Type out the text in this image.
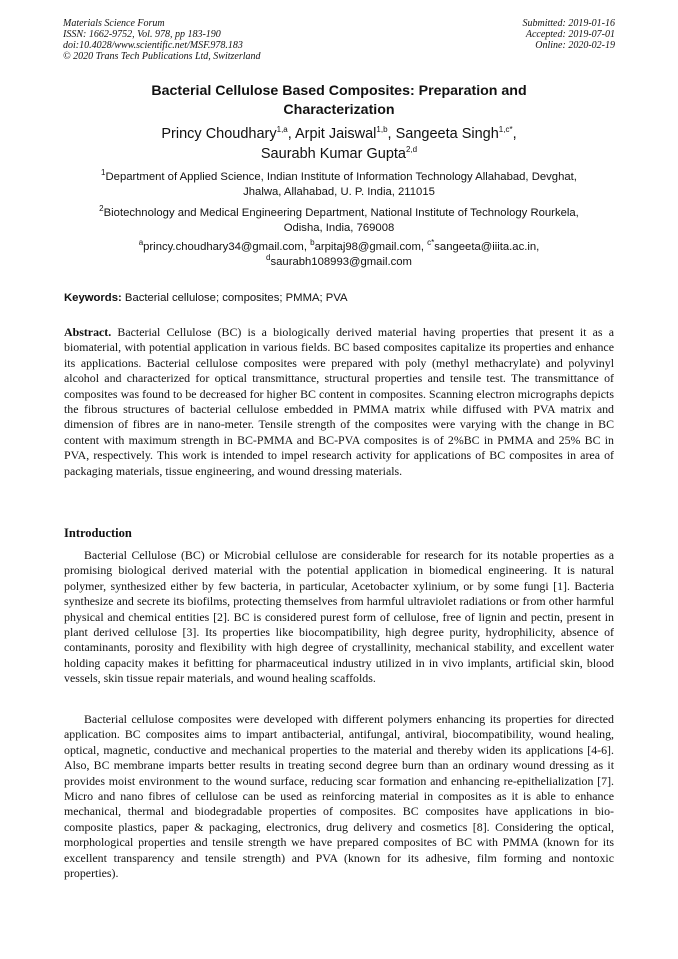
Materials Science Forum
ISSN: 1662-9752, Vol. 978, pp 183-190
doi:10.4028/www.scientific.net/MSF.978.183
© 2020 Trans Tech Publications Ltd, Switzerland
Submitted: 2019-01-16
Accepted: 2019-07-01
Online: 2020-02-19
Bacterial Cellulose Based Composites: Preparation and
Characterization
Princy Choudhary$^{1,a}$, Arpit Jaiswal$^{1,b}$, Sangeeta Singh$^{1,c*}$,
Saurabh Kumar Gupta$^{2,d}$
$^1$Department of Applied Science, Indian Institute of Information Technology Allahabad, Devghat,
Jhalwa, Allahabad, U. P. India, 211015
$^2$Biotechnology and Medical Engineering Department, National Institute of Technology Rourkela,
Odisha, India, 769008
$^a$princy.choudhary34@gmail.com, $^b$arpitaj98@gmail.com, $^{c*}$sangeeta@iiita.ac.in,
$^d$saurabh108993@gmail.com
Keywords: Bacterial cellulose; composites; PMMA; PVA
Abstract. Bacterial Cellulose (BC) is a biologically derived material having properties that present it as a biomaterial, with potential application in various fields. BC based composites capitalize its properties and enhance its applications. Bacterial cellulose composites were prepared with poly (methyl methacrylate) and polyvinyl alcohol and characterized for optical transmittance, structural properties and tensile test. The transmittance of composites was found to be decreased for higher BC content in composites. Scanning electron micrographs depicts the fibrous structures of bacterial cellulose embedded in PMMA matrix while diffused with PVA matrix and dimension of fibres are in nano-meter. Tensile strength of the composites were varying with the change in BC content with maximum strength in BC-PMMA and BC-PVA composites is of 2%BC in PMMA and 25% BC in PVA, respectively. This work is intended to impel research activity for applications of BC composites in area of packaging materials, tissue engineering, and wound dressing materials.
Introduction
Bacterial Cellulose (BC) or Microbial cellulose are considerable for research for its notable properties as a promising biological derived material with the potential application in biomedical engineering. It is natural polymer, synthesized either by few bacteria, in particular, Acetobacter xylinium, or by some fungi [1]. Bacteria synthesize and secrete its biofilms, protecting themselves from harmful ultraviolet radiations or from other harmful physical and chemical entities [2]. BC is considered purest form of cellulose, free of lignin and pectin, present in plant derived cellulose [3]. Its properties like biocompatibility, high degree purity, hydrophilicity, absence of contaminants, porosity and flexibility with high degree of crystallinity, mechanical stability, and excellent water holding capacity makes it befitting for pharmaceutical industry utilized in in vivo implants, artificial skin, blood vessels, skin tissue repair materials, and wound healing scaffolds.
Bacterial cellulose composites were developed with different polymers enhancing its properties for directed application. BC composites aims to impart antibacterial, antifungal, antiviral, biocompatibility, wound healing, optical, magnetic, conductive and mechanical properties to the material and thereby widen its applications [4-6]. Also, BC membrane imparts better results in treating second degree burn than an ordinary wound dressing as it provides moist environment to the wound surface, reducing scar formation and enhancing re-epithelialization [7]. Micro and nano fibres of cellulose can be used as reinforcing material in composites as it is able to enhance mechanical, thermal and biodegradable properties of composites. BC composites have applications in bio-composite plastics, paper & packaging, electronics, drug delivery and cosmetics [8]. Considering the optical, morphological properties and tensile strength we have prepared composites of BC with PMMA (known for its excellent transparency and tensile strength) and PVA (known for its adhesive, film forming and nontoxic properties).
